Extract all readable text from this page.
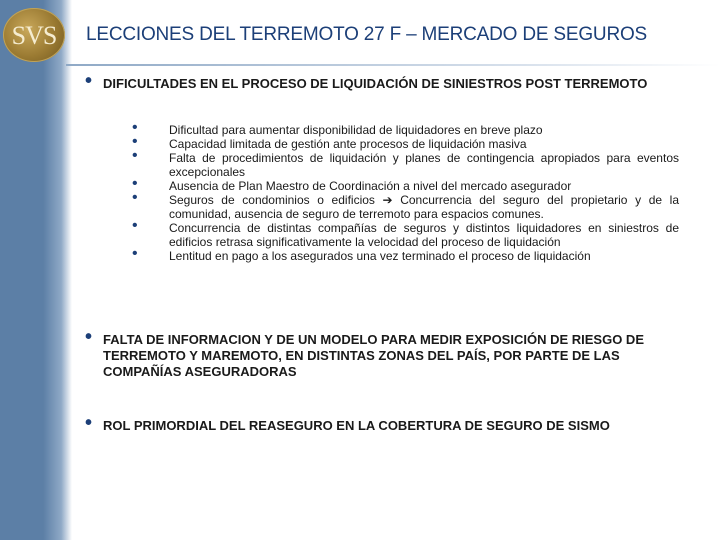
SVS	LECCIONES DEL TERREMOTO 27 F – MERCADO DE SEGUROS
• DIFICULTADES EN EL PROCESO DE LIQUIDACIÓN DE SINIESTROS POST TERREMOTO
•	Dificultad para aumentar disponibilidad de liquidadores en breve plazo
•	Capacidad limitada de gestión ante procesos de liquidación masiva
•	Falta de procedimientos de liquidación y planes de contingencia apropiados para eventos excepcionales
•	Ausencia de Plan Maestro de Coordinación a nivel del mercado asegurador
•	Seguros de condominios o edificios ➔ Concurrencia del seguro del propietario y de la comunidad, ausencia de seguro de terremoto para espacios comunes.
•	Concurrencia de distintas compañías de seguros y distintos liquidadores en siniestros de edificios retrasa significativamente la velocidad del proceso de liquidación
•	Lentitud en pago a los asegurados una vez terminado el proceso de liquidación
• FALTA DE INFORMACION Y DE UN MODELO PARA MEDIR EXPOSICIÓN DE RIESGO DE TERREMOTO Y MAREMOTO, EN DISTINTAS ZONAS DEL PAÍS, POR PARTE DE LAS COMPAÑÍAS ASEGURADORAS
• ROL PRIMORDIAL DEL REASEGURO EN LA COBERTURA DE SEGURO DE SISMO
